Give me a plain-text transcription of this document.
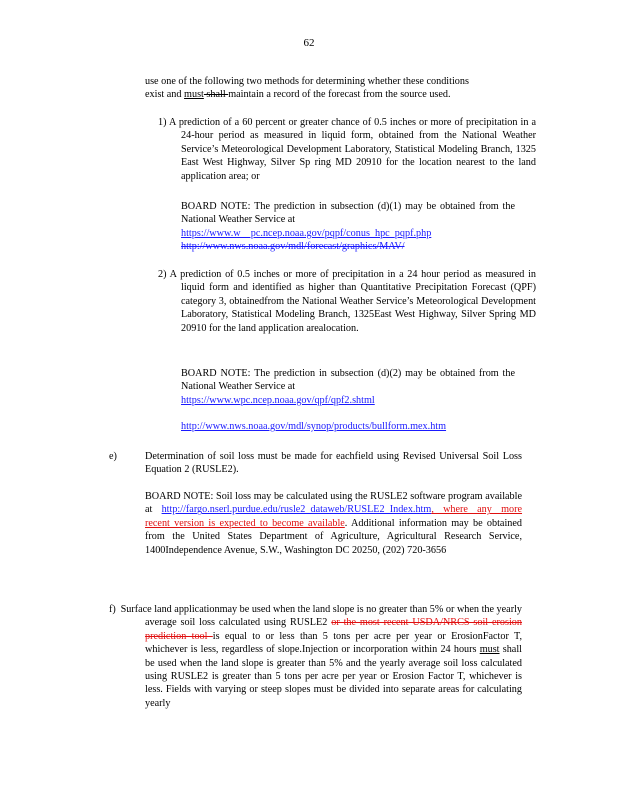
62
use one of the following two methods for determining whether these conditions
exist and must shall maintain a record of the forecast from the source used.
1) A prediction of a 60 percent or greater chance of 0.5 inches or more of precipitation in a 24-hour period as measured in liquid form, obtained from the National Weather Service’s Meteorological Development Laboratory, Statistical Modeling Branch, 1325 East West Highway, Silver Sp ring MD 20910 for the location nearest to the land application area; or
BOARD NOTE: The prediction in subsection (d)(1) may be obtained from the National Weather Service at
https://www.w    pc.ncep.noaa.gov/pqpf/conus_hpc_pqpf.php
http://www.nws.noaa.gov/mdl/forecast/graphics/MAV/
2) A prediction of 0.5 inches or more of precipitation in a 24 hour period as measured in liquid form and identified as higher than Quantitative Precipitation Forecast (QPF) category 3, obtainedfrom the National Weather Service’s Meteorological Development Laboratory, Statistical Modeling Branch, 1325East West Highway, Silver Spring MD 20910 for the land application arealocation.
BOARD NOTE: The prediction in subsection (d)(2) may be obtained from the National Weather Service at
https://www.wpc.ncep.noaa.gov/qpf/qpf2.shtml
http://www.nws.noaa.gov/mdl/synop/products/bullform.mex.htm
e)	Determination of soil loss must be made for eachfield using Revised Universal Soil Loss Equation 2 (RUSLE2).
BOARD NOTE: Soil loss may be calculated using the RUSLE2 software program available at http://fargo.nserl.purdue.edu/rusle2_dataweb/RUSLE2_Index.htm, where any more recent version is expected to become available. Additional information may be obtained from the United States Department of Agriculture, Agricultural Research Service, 1400Independence Avenue, S.W., Washington DC 20250, (202) 720-3656
f) Surface land applicationmay be used when the land slope is no greater than 5% or when the yearly average soil loss calculated using RUSLE2 or the most recent USDA/NRCS soil erosion prediction tool is equal to or less than 5 tons per acre per year or ErosionFactor T, whichever is less, regardless of slope.Injection or incorporation within 24 hours must shall be used when the land slope is greater than 5% and the yearly average soil loss calculated using RUSLE2 is greater than 5 tons per acre per year or Erosion Factor T, whichever is less. Fields with varying or steep slopes must be divided into separate areas for calculating yearly
